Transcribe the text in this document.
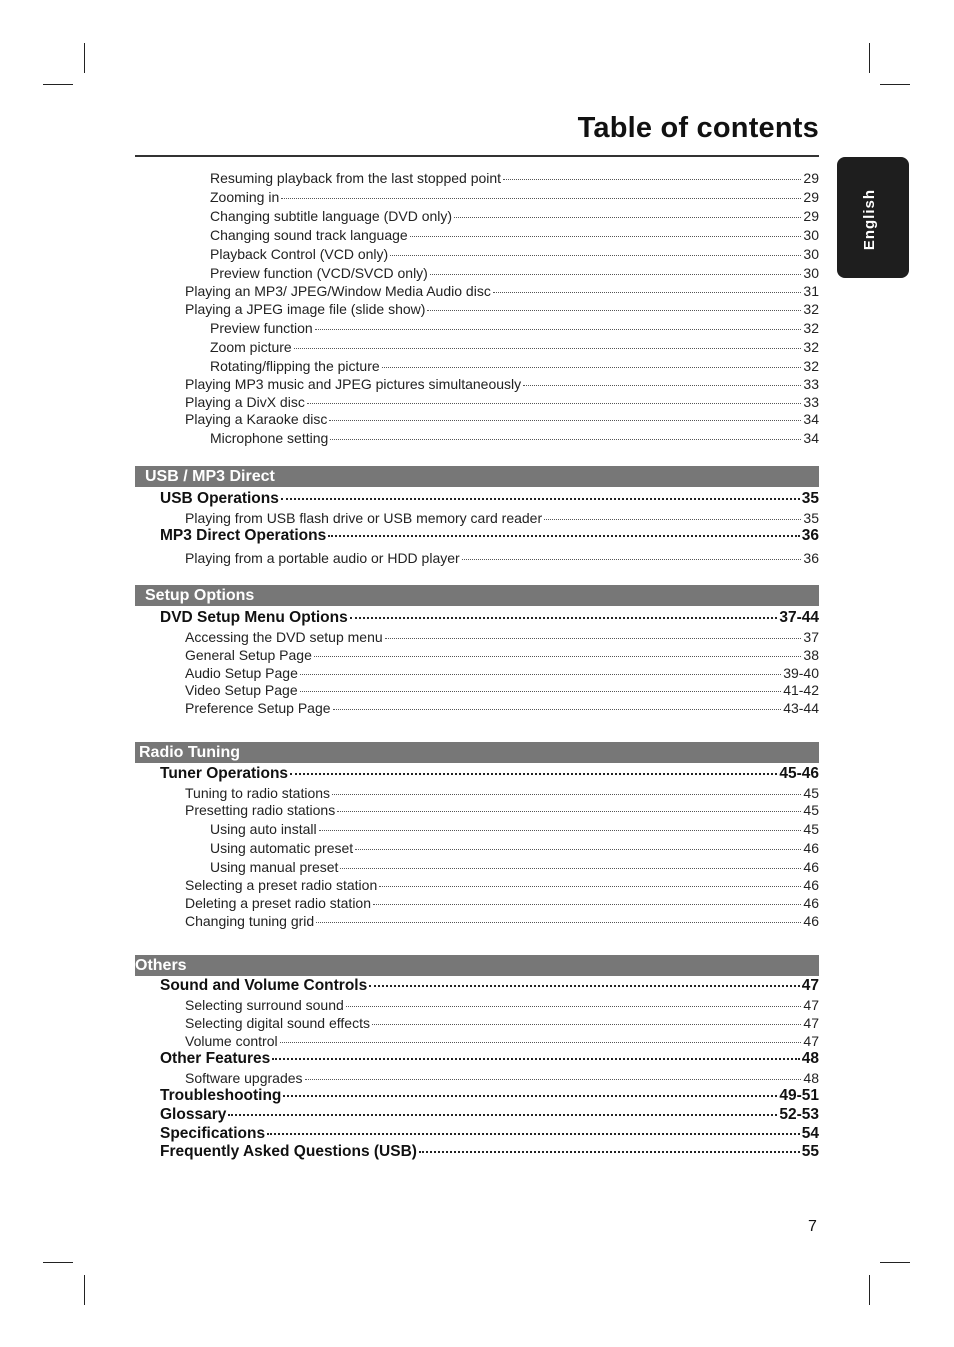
Table of contents
English
Resuming playback from the last stopped point	29
Zooming in	29
Changing subtitle language (DVD only)	29
Changing sound track language	30
Playback Control (VCD only)	30
Preview function (VCD/SVCD only)	30
Playing an MP3/ JPEG/Window Media Audio disc	31
Playing a JPEG image file (slide show)	32
Preview function	32
Zoom picture	32
Rotating/flipping the picture	32
Playing MP3 music and JPEG pictures simultaneously	33
Playing a DivX disc	33
Playing a Karaoke disc	34
Microphone setting	34
USB / MP3 Direct
USB Operations	35
Playing from USB flash drive or USB memory card reader	35
MP3 Direct Operations	36
Playing from a portable audio or HDD player	36
Setup Options
DVD Setup Menu Options	37-44
Accessing the DVD setup menu	37
General Setup Page	38
Audio Setup Page	39-40
Video Setup Page	41-42
Preference Setup Page	43-44
Radio Tuning
Tuner Operations	45-46
Tuning to radio stations	45
Presetting radio stations	45
Using auto install	45
Using automatic preset	46
Using manual preset	46
Selecting a preset radio station	46
Deleting a preset radio station	46
Changing tuning grid	46
Others
Sound and Volume Controls	47
Selecting surround sound	47
Selecting digital sound effects	47
Volume control	47
Other Features	48
Software upgrades	48
Troubleshooting	49-51
Glossary	52-53
Specifications	54
Frequently Asked Questions (USB)	55
7
